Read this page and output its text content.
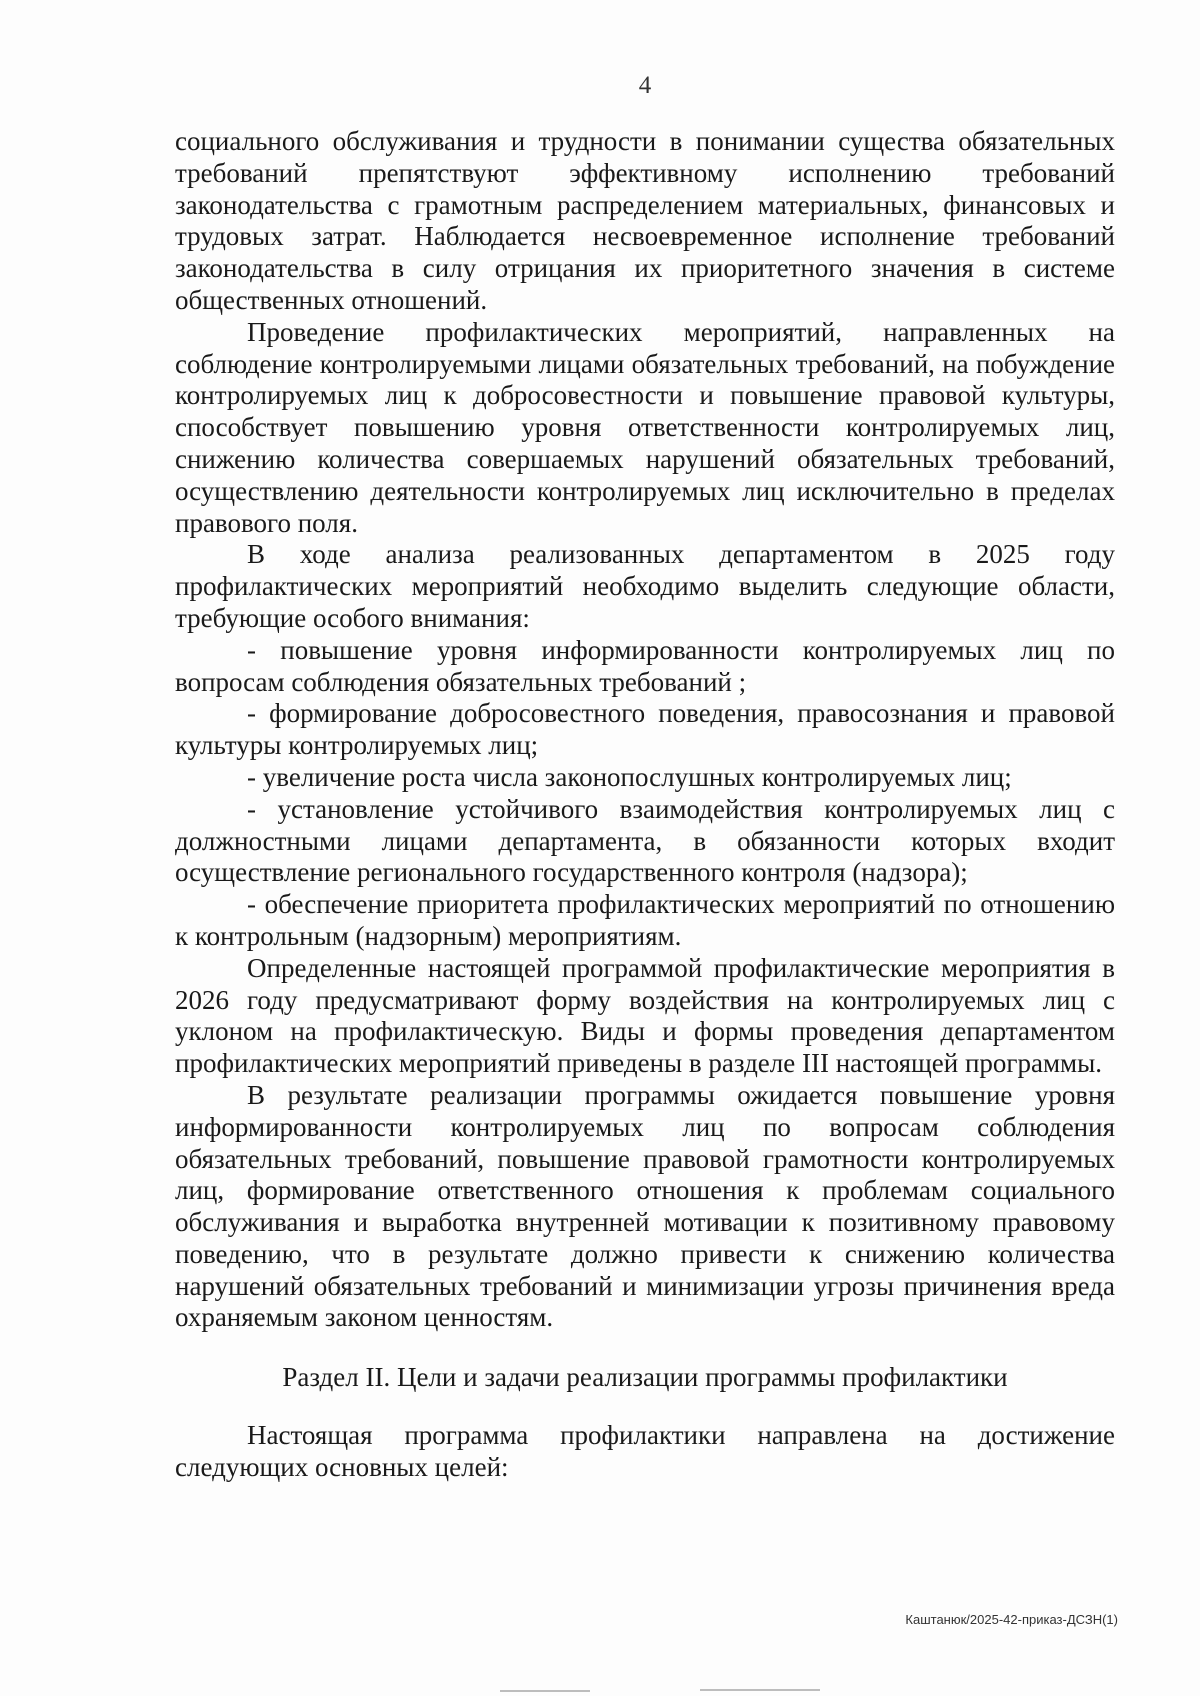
4

социального обслуживания и трудности в понимании существа обязательных требований препятствуют эффективному исполнению требований законодательства с грамотным распределением материальных, финансовых и трудовых затрат. Наблюдается несвоевременное исполнение требований законодательства в силу отрицания их приоритетного значения в системе общественных отношений.

Проведение профилактических мероприятий, направленных на соблюдение контролируемыми лицами обязательных требований, на побуждение контролируемых лиц к добросовестности и повышение правовой культуры, способствует повышению уровня ответственности контролируемых лиц, снижению количества совершаемых нарушений обязательных требований, осуществлению деятельности контролируемых лиц исключительно в пределах правового поля.

В ходе анализа реализованных департаментом в 2025 году профилактических мероприятий необходимо выделить следующие области, требующие особого внимания:

- повышение уровня информированности контролируемых лиц по вопросам соблюдения обязательных требований ;

- формирование добросовестного поведения, правосознания и правовой культуры контролируемых лиц;

- увеличение роста числа законопослушных контролируемых лиц;

- установление устойчивого взаимодействия контролируемых лиц с должностными лицами департамента, в обязанности которых входит осуществление регионального государственного контроля (надзора);

- обеспечение приоритета профилактических мероприятий по отношению к контрольным (надзорным) мероприятиям.

Определенные настоящей программой профилактические мероприятия в 2026 году предусматривают форму воздействия на контролируемых лиц с уклоном на профилактическую. Виды и формы проведения департаментом профилактических мероприятий приведены в разделе III настоящей программы.

В результате реализации программы ожидается повышение уровня информированности контролируемых лиц по вопросам соблюдения обязательных требований, повышение правовой грамотности контролируемых лиц, формирование ответственного отношения к проблемам социального обслуживания и выработка внутренней мотивации к позитивному правовому поведению, что в результате должно привести к снижению количества нарушений обязательных требований и минимизации угрозы причинения вреда охраняемым законом ценностям.

Раздел II. Цели и задачи реализации программы профилактики

Настоящая программа профилактики направлена на достижение следующих основных целей:

Каштанюк/2025-42-приказ-ДСЗН(1)
